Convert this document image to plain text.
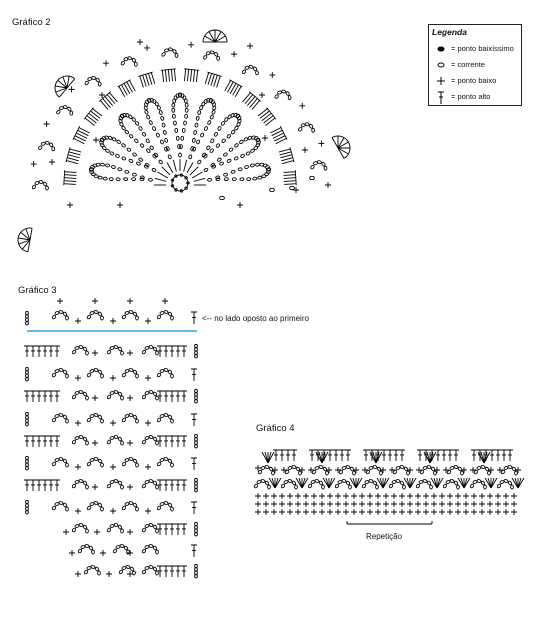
Gráfico 2
Gráfico 3
Gráfico 4
<-- no lado oposto ao primeiro
Repetição
Legenda
= ponto baixíssimo
= corrente
= ponto baixo
= ponto alto
